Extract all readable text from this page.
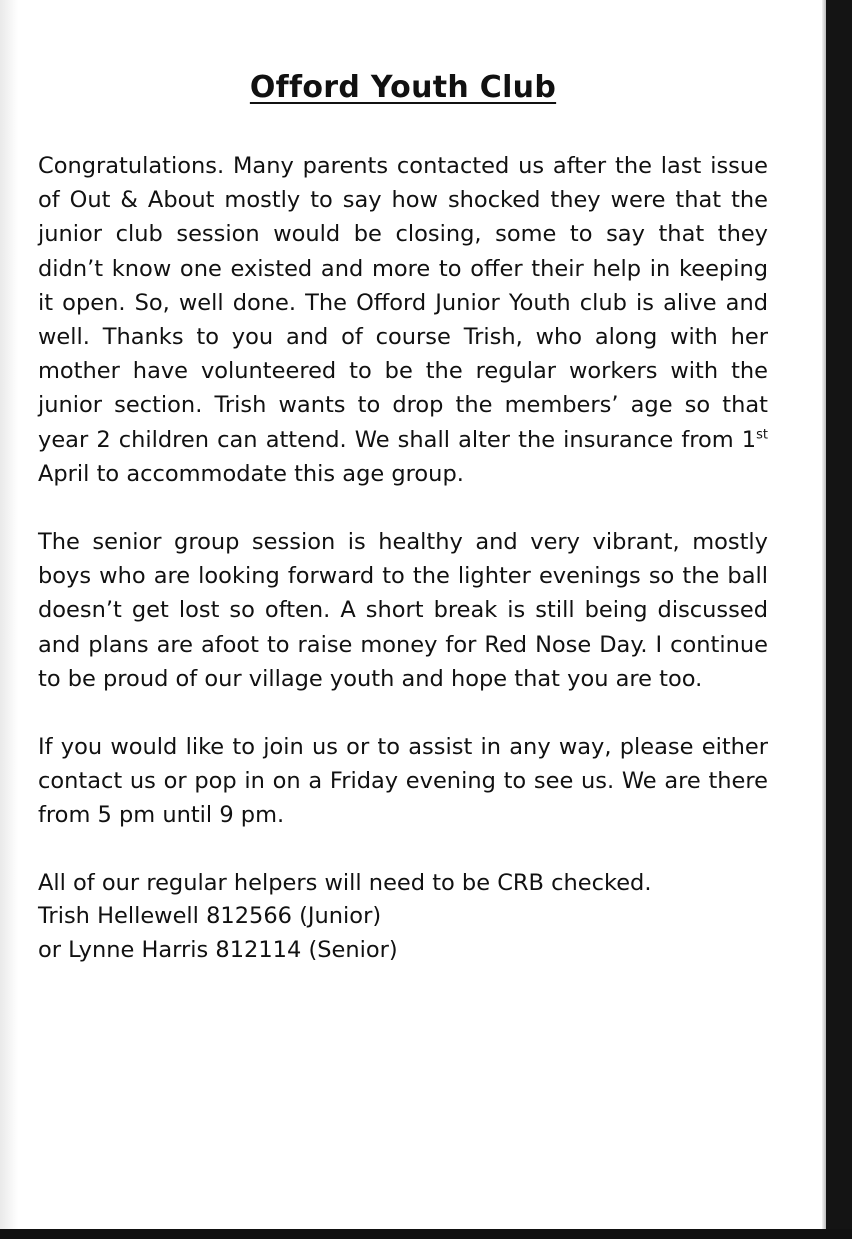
Offord Youth Club

Congratulations. Many parents contacted us after the last issue of Out & About mostly to say how shocked they were that the junior club session would be closing, some to say that they didn’t know one existed and more to offer their help in keeping it open. So, well done. The Offord Junior Youth club is alive and well. Thanks to you and of course Trish, who along with her mother have volunteered to be the regular workers with the junior section. Trish wants to drop the members’ age so that year 2 children can attend. We shall alter the insurance from 1st April to accommodate this age group.

The senior group session is healthy and very vibrant, mostly boys who are looking forward to the lighter evenings so the ball doesn’t get lost so often. A short break is still being discussed and plans are afoot to raise money for Red Nose Day. I continue to be proud of our village youth and hope that you are too.

If you would like to join us or to assist in any way, please either contact us or pop in on a Friday evening to see us. We are there from 5 pm until 9 pm.

All of our regular helpers will need to be CRB checked.

Trish Hellewell 812566 (Junior)

or Lynne Harris 812114 (Senior)
